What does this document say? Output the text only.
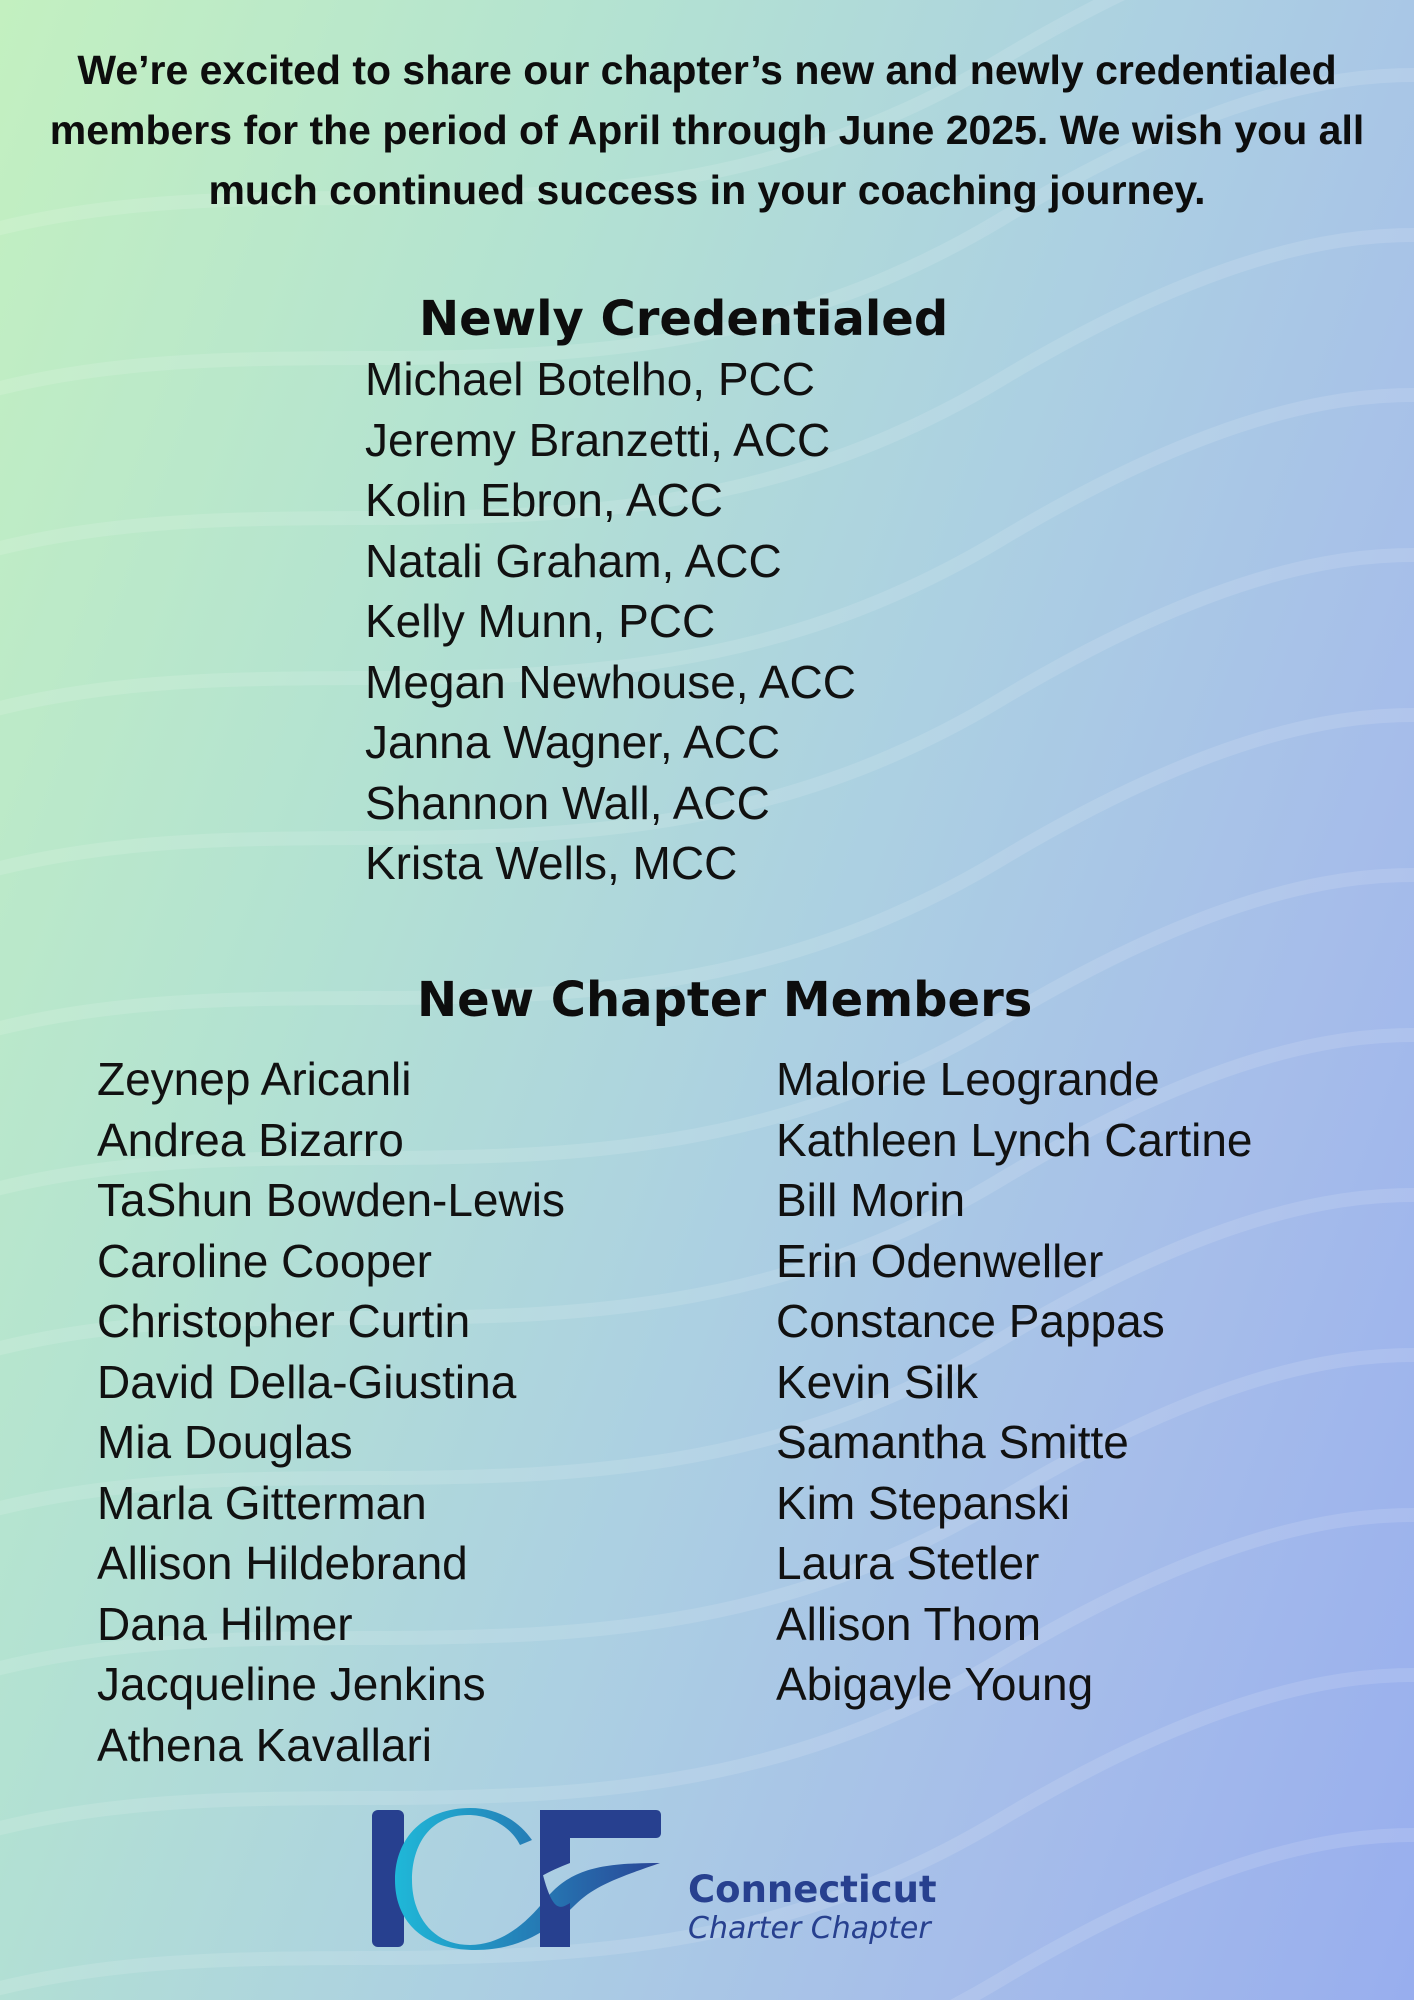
We’re excited to share our chapter’s new and newly credentialed members for the period of April through June 2025. We wish you all much continued success in your coaching journey.

Newly Credentialed
Michael Botelho, PCC
Jeremy Branzetti, ACC
Kolin Ebron, ACC
Natali Graham, ACC
Kelly Munn, PCC
Megan Newhouse, ACC
Janna Wagner, ACC
Shannon Wall, ACC
Krista Wells, MCC
New Chapter Members
Zeynep Aricanli
Andrea Bizarro
TaShun Bowden-Lewis
Caroline Cooper
Christopher Curtin
David Della-Giustina
Mia Douglas
Marla Gitterman
Allison Hildebrand
Dana Hilmer
Jacqueline Jenkins
Athena Kavallari
Malorie Leogrande
Kathleen Lynch Cartine
Bill Morin
Erin Odenweller
Constance Pappas
Kevin Silk
Samantha Smitte
Kim Stepanski
Laura Stetler
Allison Thom
Abigayle Young
Connecticut
Charter Chapter
